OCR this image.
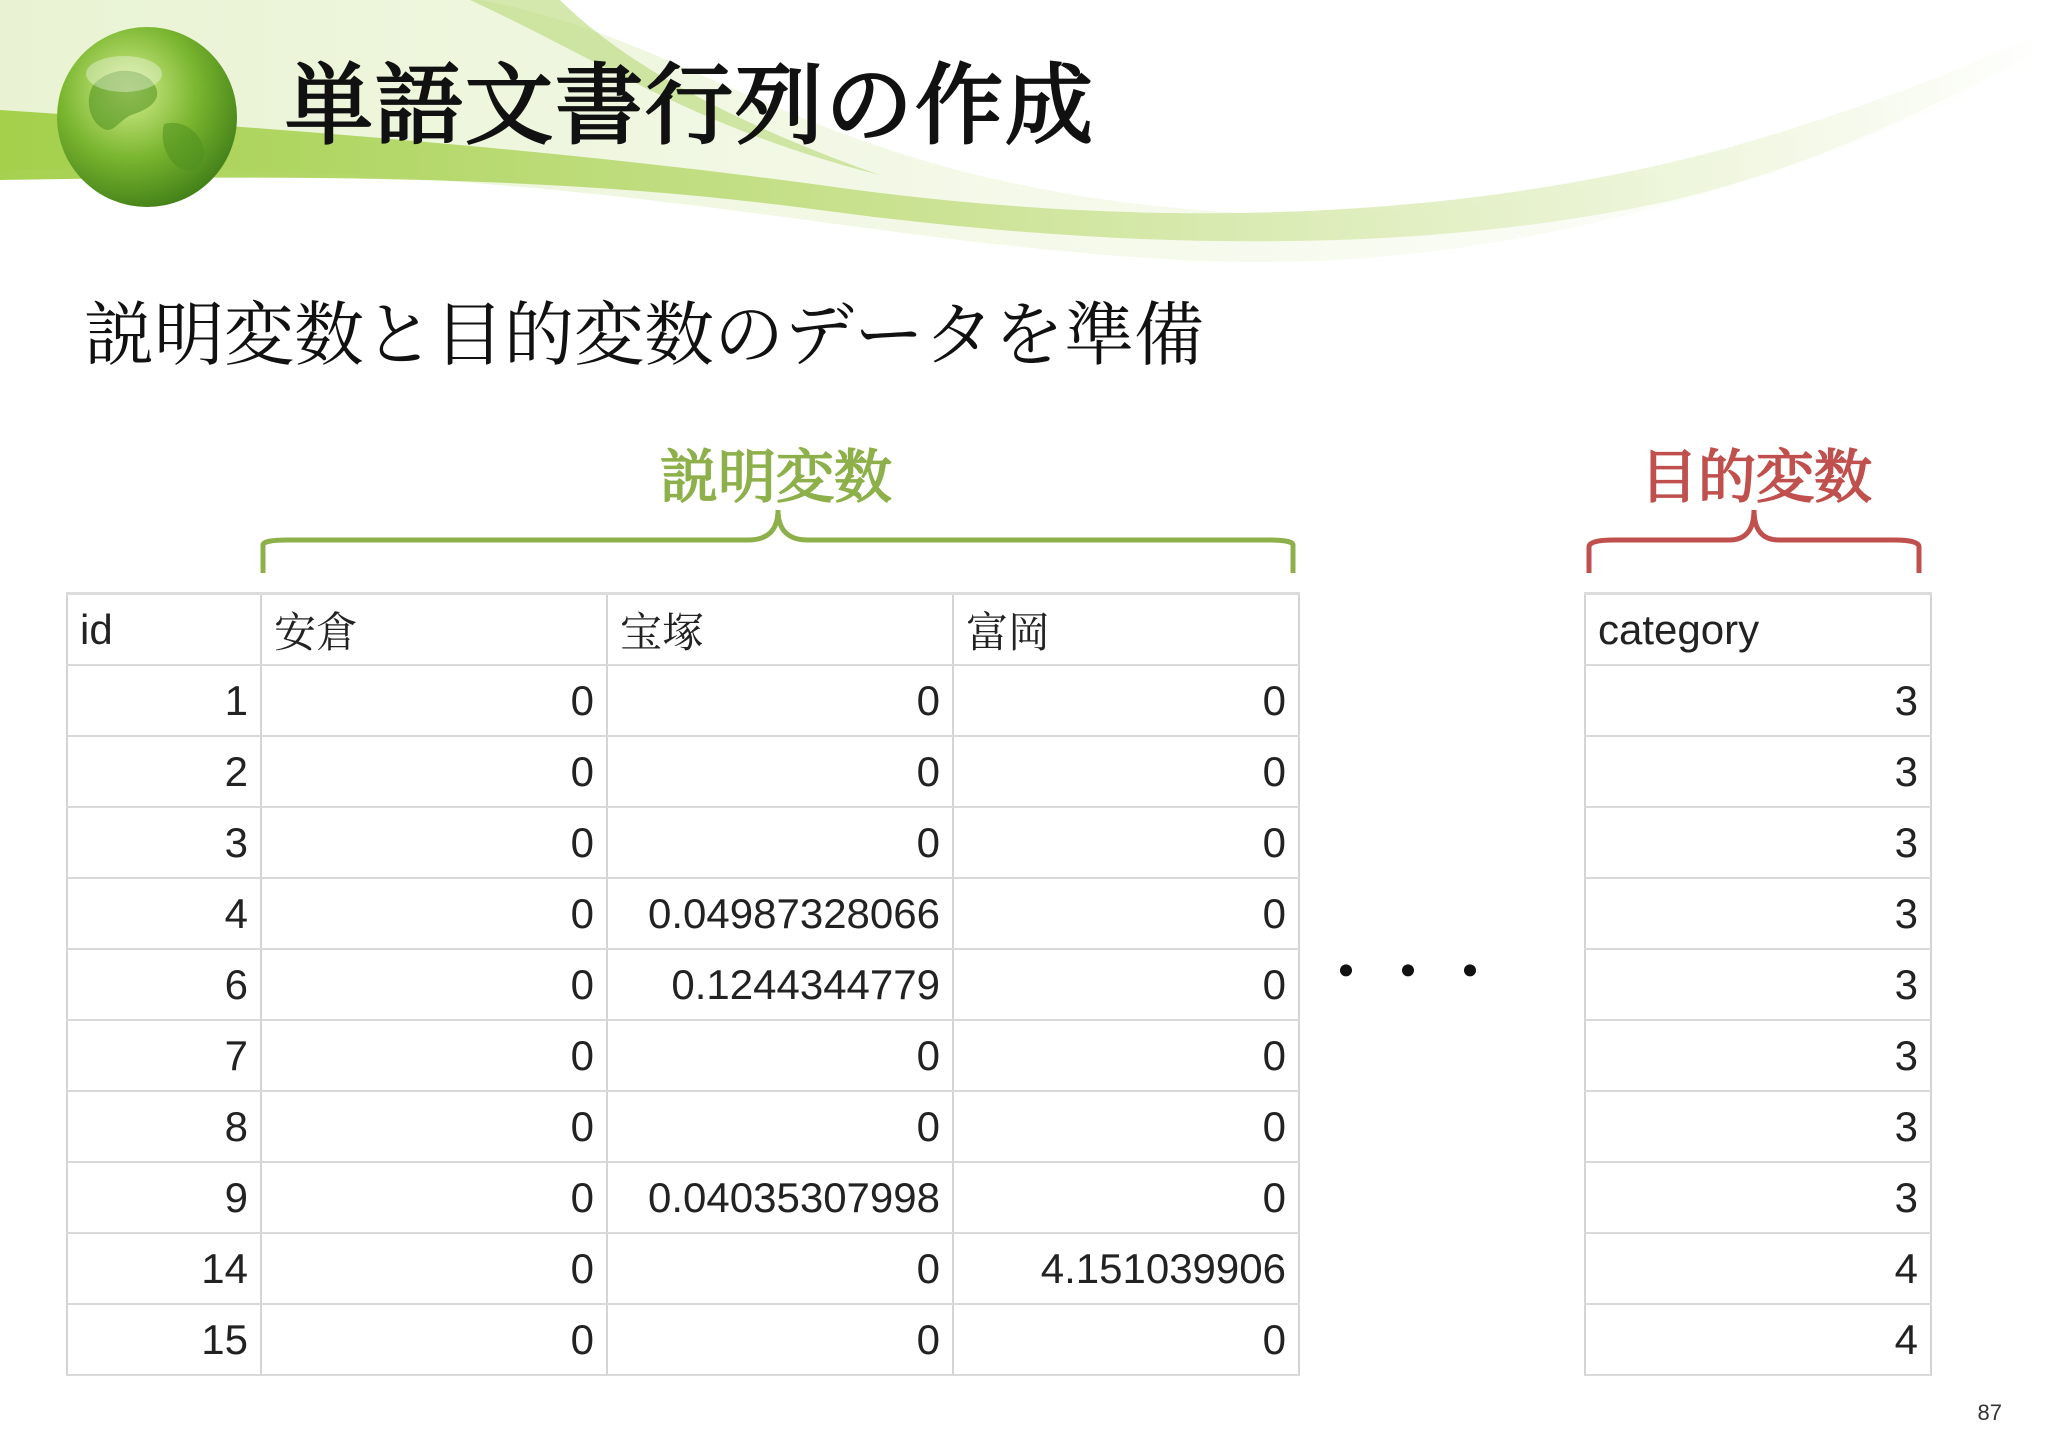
単語文書行列の作成
説明変数と目的変数のデータを準備
説明変数	目的変数
id	安倉	宝塚	富岡
1	0	0	0
2	0	0	0
3	0	0	0
4	0	0.04987328066	0
6	0	0.1244344779	0
7	0	0	0
8	0	0	0
9	0	0.04035307998	0
14	0	0	4.151039906
15	0	0	0
・・・
category
3
3
3
3
3
3
3
3
4
4
87
